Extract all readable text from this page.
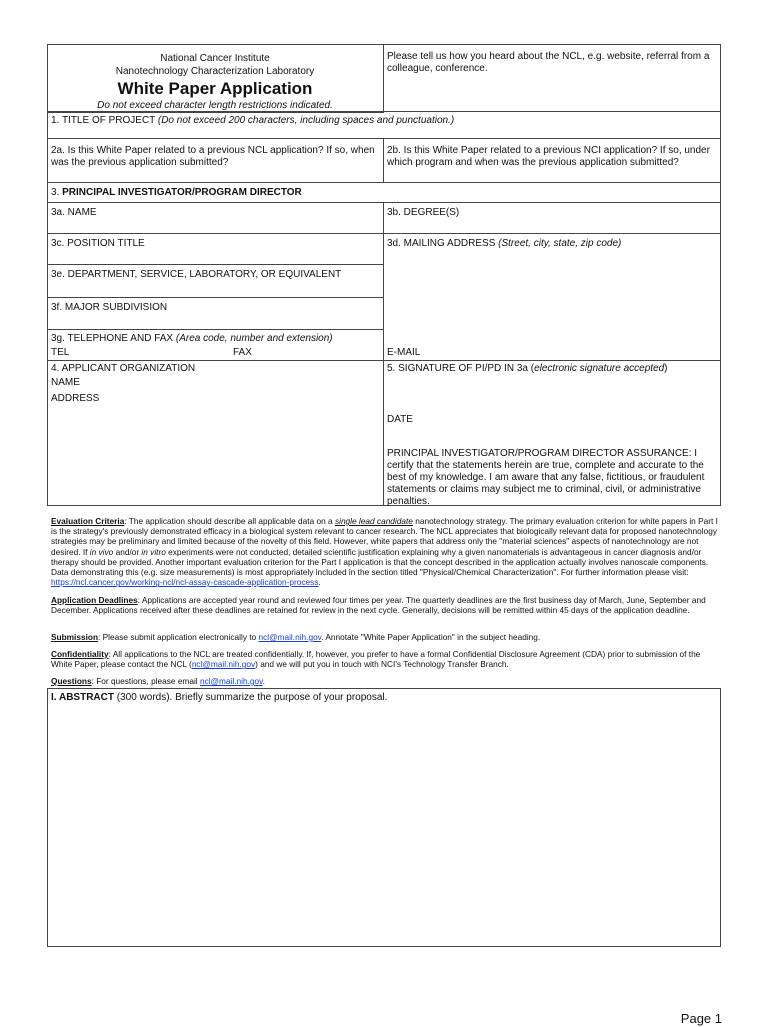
National Cancer Institute
Nanotechnology Characterization Laboratory
White Paper Application
Do not exceed character length restrictions indicated.
Please tell us how you heard about the NCL, e.g. website, referral from a colleague, conference.
1. TITLE OF PROJECT (Do not exceed 200 characters, including spaces and punctuation.)
2a. Is this White Paper related to a previous NCL application? If so, when was the previous application submitted?
2b. Is this White Paper related to a previous NCI application? If so, under which program and when was the previous application submitted?
3. PRINCIPAL INVESTIGATOR/PROGRAM DIRECTOR
3a. NAME	3b. DEGREE(S)
3c. POSITION TITLE	3d. MAILING ADDRESS (Street, city, state, zip code)
3e. DEPARTMENT, SERVICE, LABORATORY, OR EQUIVALENT
3f. MAJOR SUBDIVISION
3g. TELEPHONE AND FAX (Area code, number and extension)
TEL	FAX	E-MAIL
4. APPLICANT ORGANIZATION
NAME
ADDRESS
5. SIGNATURE OF PI/PD IN 3a (electronic signature accepted)
DATE
PRINCIPAL INVESTIGATOR/PROGRAM DIRECTOR ASSURANCE: I certify that the statements herein are true, complete and accurate to the best of my knowledge. I am aware that any false, fictitious, or fraudulent statements or claims may subject me to criminal, civil, or administrative penalties.
Evaluation Criteria: The application should describe all applicable data on a single lead candidate nanotechnology strategy. The primary evaluation criterion for white papers in Part I is the strategy's previously demonstrated efficacy in a biological system relevant to cancer research. The NCL appreciates that biologically relevant data for proposed nanotechnology strategies may be preliminary and limited because of the novelty of this field. However, white papers that address only the "material sciences" aspects of nanotechnology are not desired. If in vivo and/or in vitro experiments were not conducted, detailed scientific justification explaining why a given nanomaterials is advantageous in cancer diagnosis and/or therapy should be provided. Another important evaluation criterion for the Part I application is that the concept described in the application actually involves nanoscale components. Data demonstrating this (e.g. size measurements) is most appropriately included in the section titled "Physical/Chemical Characterization". For further information please visit: https://ncl.cancer.gov/working-ncl/ncl-assay-cascade-application-process.
Application Deadlines: Applications are accepted year round and reviewed four times per year. The quarterly deadlines are the first business day of March, June, September and December. Applications received after these deadlines are retained for review in the next cycle. Generally, decisions will be remitted within 45 days of the application deadline.
Submission: Please submit application electronically to ncl@mail.nih.gov. Annotate "White Paper Application" in the subject heading.
Confidentiality: All applications to the NCL are treated confidentially. If, however, you prefer to have a formal Confidential Disclosure Agreement (CDA) prior to submission of the White Paper, please contact the NCL (ncl@mail.nih.gov) and we will put you in touch with NCI's Technology Transfer Branch.
Questions: For questions, please email ncl@mail.nih.gov.
I. ABSTRACT (300 words). Briefly summarize the purpose of your proposal.
Page 1
